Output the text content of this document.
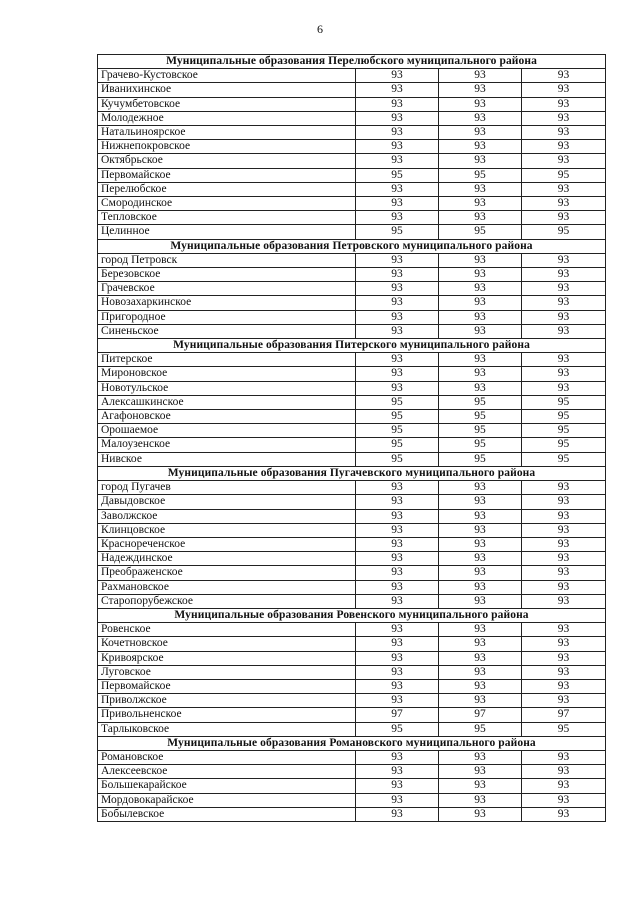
6
Муниципальные образования Перелюбского муниципального района			
Грачево-Кустовское	93	93	93
Иванихинское	93	93	93
Кучумбетовское	93	93	93
Молодежное	93	93	93
Натальиноярское	93	93	93
Нижнепокровское	93	93	93
Октябрьское	93	93	93
Первомайское	95	95	95
Перелюбское	93	93	93
Смородинское	93	93	93
Тепловское	93	93	93
Целинное	95	95	95
Муниципальные образования Петровского муниципального района			
город Петровск	93	93	93
Березовское	93	93	93
Грачевское	93	93	93
Новозахаркинское	93	93	93
Пригородное	93	93	93
Синеньское	93	93	93
Муниципальные образования Питерского муниципального района			
Питерское	93	93	93
Мироновское	93	93	93
Новотульское	93	93	93
Алексашкинское	95	95	95
Агафоновское	95	95	95
Орошаемое	95	95	95
Малоузенское	95	95	95
Нивское	95	95	95
Муниципальные образования Пугачевского муниципального района			
город Пугачев	93	93	93
Давыдовское	93	93	93
Заволжское	93	93	93
Клинцовское	93	93	93
Краснореченское	93	93	93
Надеждинское	93	93	93
Преображенское	93	93	93
Рахмановское	93	93	93
Старопорубежское	93	93	93
Муниципальные образования Ровенского муниципального района			
Ровенское	93	93	93
Кочетновское	93	93	93
Кривоярское	93	93	93
Луговское	93	93	93
Первомайское	93	93	93
Приволжское	93	93	93
Привольненское	97	97	97
Тарлыковское	95	95	95
Муниципальные образования Романовского муниципального района			
Романовское	93	93	93
Алексеевское	93	93	93
Большекарайское	93	93	93
Мордовокарайское	93	93	93
Бобылевское	93	93	93
